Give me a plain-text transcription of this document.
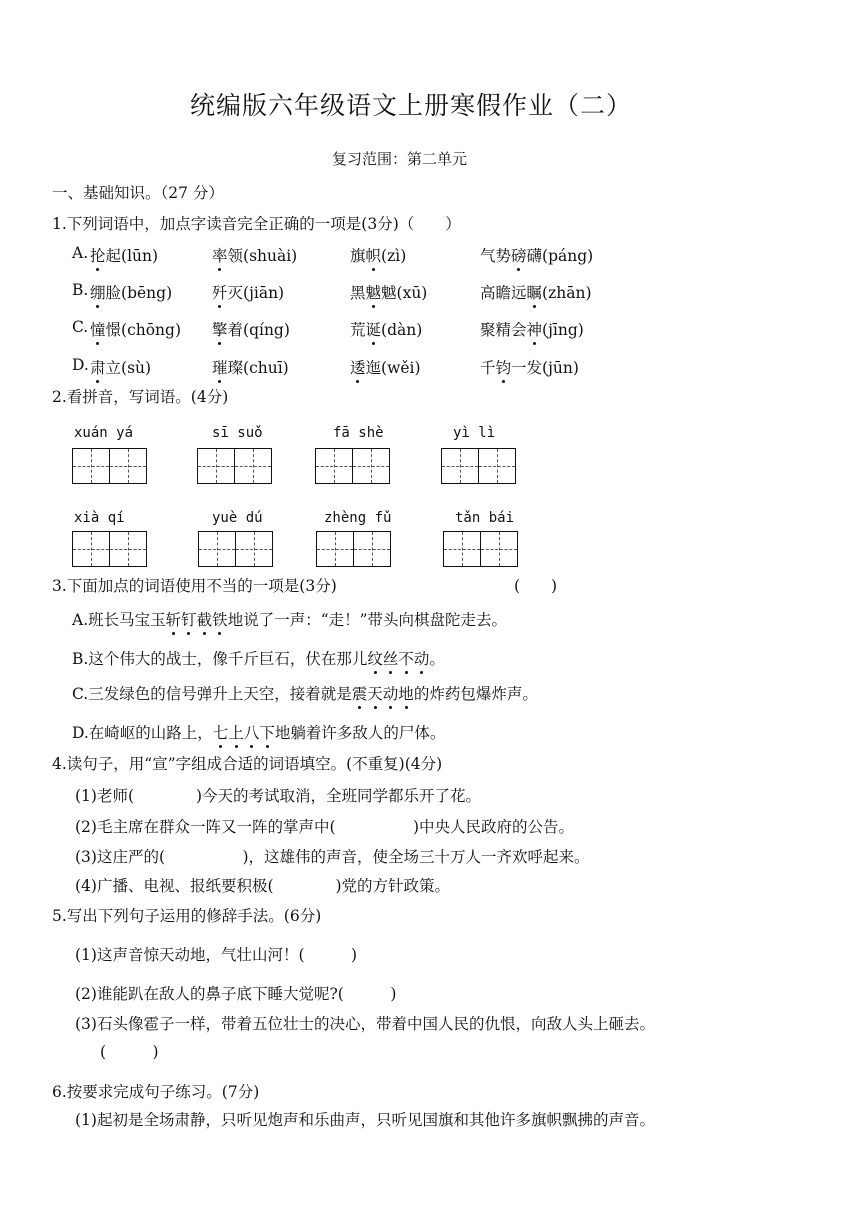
统编版六年级语文上册寒假作业（二）
复习范围：第二单元
一、基础知识。（27 分）
1.下列词语中，加点字读音完全正确的一项是(3分)（　　）
A. 抡起(lūn)	率领(shuài)	旗帜(zì)	气势磅礴(páng)
B. 绷脸(bēng)	歼灭(jiān)	黑魆魆(xū)	高瞻远瞩(zhān)
C. 憧憬(chōng) 擎着(qíng)	荒诞(dàn)	聚精会神(jīng)
D. 肃立(sù)	璀璨(chuī)	逶迤(wěi)	千钧一发(jūn)
2.看拼音，写词语。(4分)
xuán yá	sī suǒ	fā shè	yì lì
xià qí	yuè dú	zhèng fǔ	tǎn bái
3.下面加点的词语使用不当的一项是(3分)	(　　)
A.班长马宝玉斩钉截铁地说了一声：“走！”带头向棋盘陀走去。
B.这个伟大的战士，像千斤巨石，伏在那儿纹丝不动。
C.三发绿色的信号弹升上天空，接着就是震天动地的炸药包爆炸声。
D.在崎岖的山路上，七上八下地躺着许多敌人的尸体。
4.读句子，用“宣”字组成合适的词语填空。(不重复)(4分)
(1)老师(　　　　)今天的考试取消，全班同学都乐开了花。
(2)毛主席在群众一阵又一阵的掌声中(　　　　　)中央人民政府的公告。
(3)这庄严的(　　　　　)，这雄伟的声音，使全场三十万人一齐欢呼起来。
(4)广播、电视、报纸要积极(　　　　)党的方针政策。
5.写出下列句子运用的修辞手法。(6分)
(1)这声音惊天动地，气壮山河！(　　　)
(2)谁能趴在敌人的鼻子底下睡大觉呢?(　　　)
(3)石头像雹子一样，带着五位壮士的决心，带着中国人民的仇恨，向敌人头上砸去。
(　　　)
6.按要求完成句子练习。(7分)
(1)起初是全场肃静，只听见炮声和乐曲声，只听见国旗和其他许多旗帜飘拂的声音。
